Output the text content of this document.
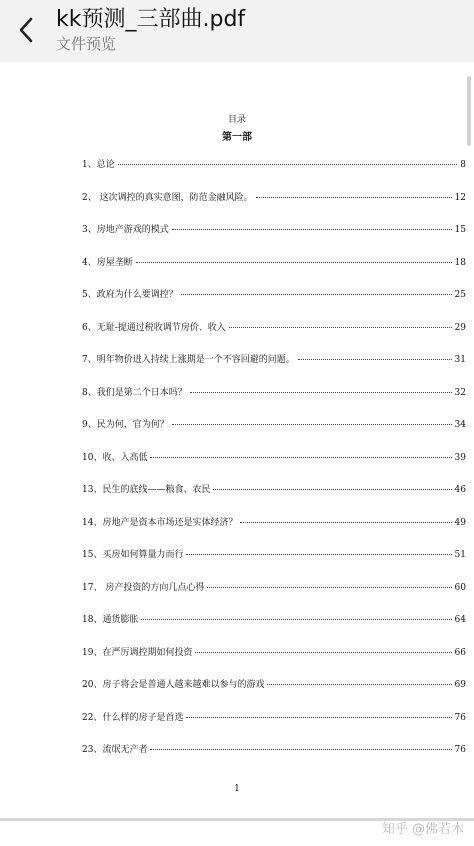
kk预测_三部曲.pdf
文件预览
目录
第一部
1、总论	8
2、 这次调控的真实意图，防范金融风险。	12
3、房地产游戏的模式	15
4、房屋垄断	18
5、政府为什么要调控？	25
6、无耻-提通过税收调节房价、收入	29
7、明年物价进入持续上涨期是一个不容回避的问题。	31
8、我们是第二个日本吗？	32
9、民为何，官为何？	34
10、收、入高低	39
13、民生的底线——粮食、农民	46
14、房地产是资本市场还是实体经济？	49
15、买房如何算量力而行	51
17、 房产投资的方向几点心得	60
18、通货膨胀	64
19、在严厉调控期如何投资	66
20、房子将会是普通人越来越难以参与的游戏	69
22、什么样的房子是首选	76
23、流氓无产者	76
1
知乎 @佛若木
